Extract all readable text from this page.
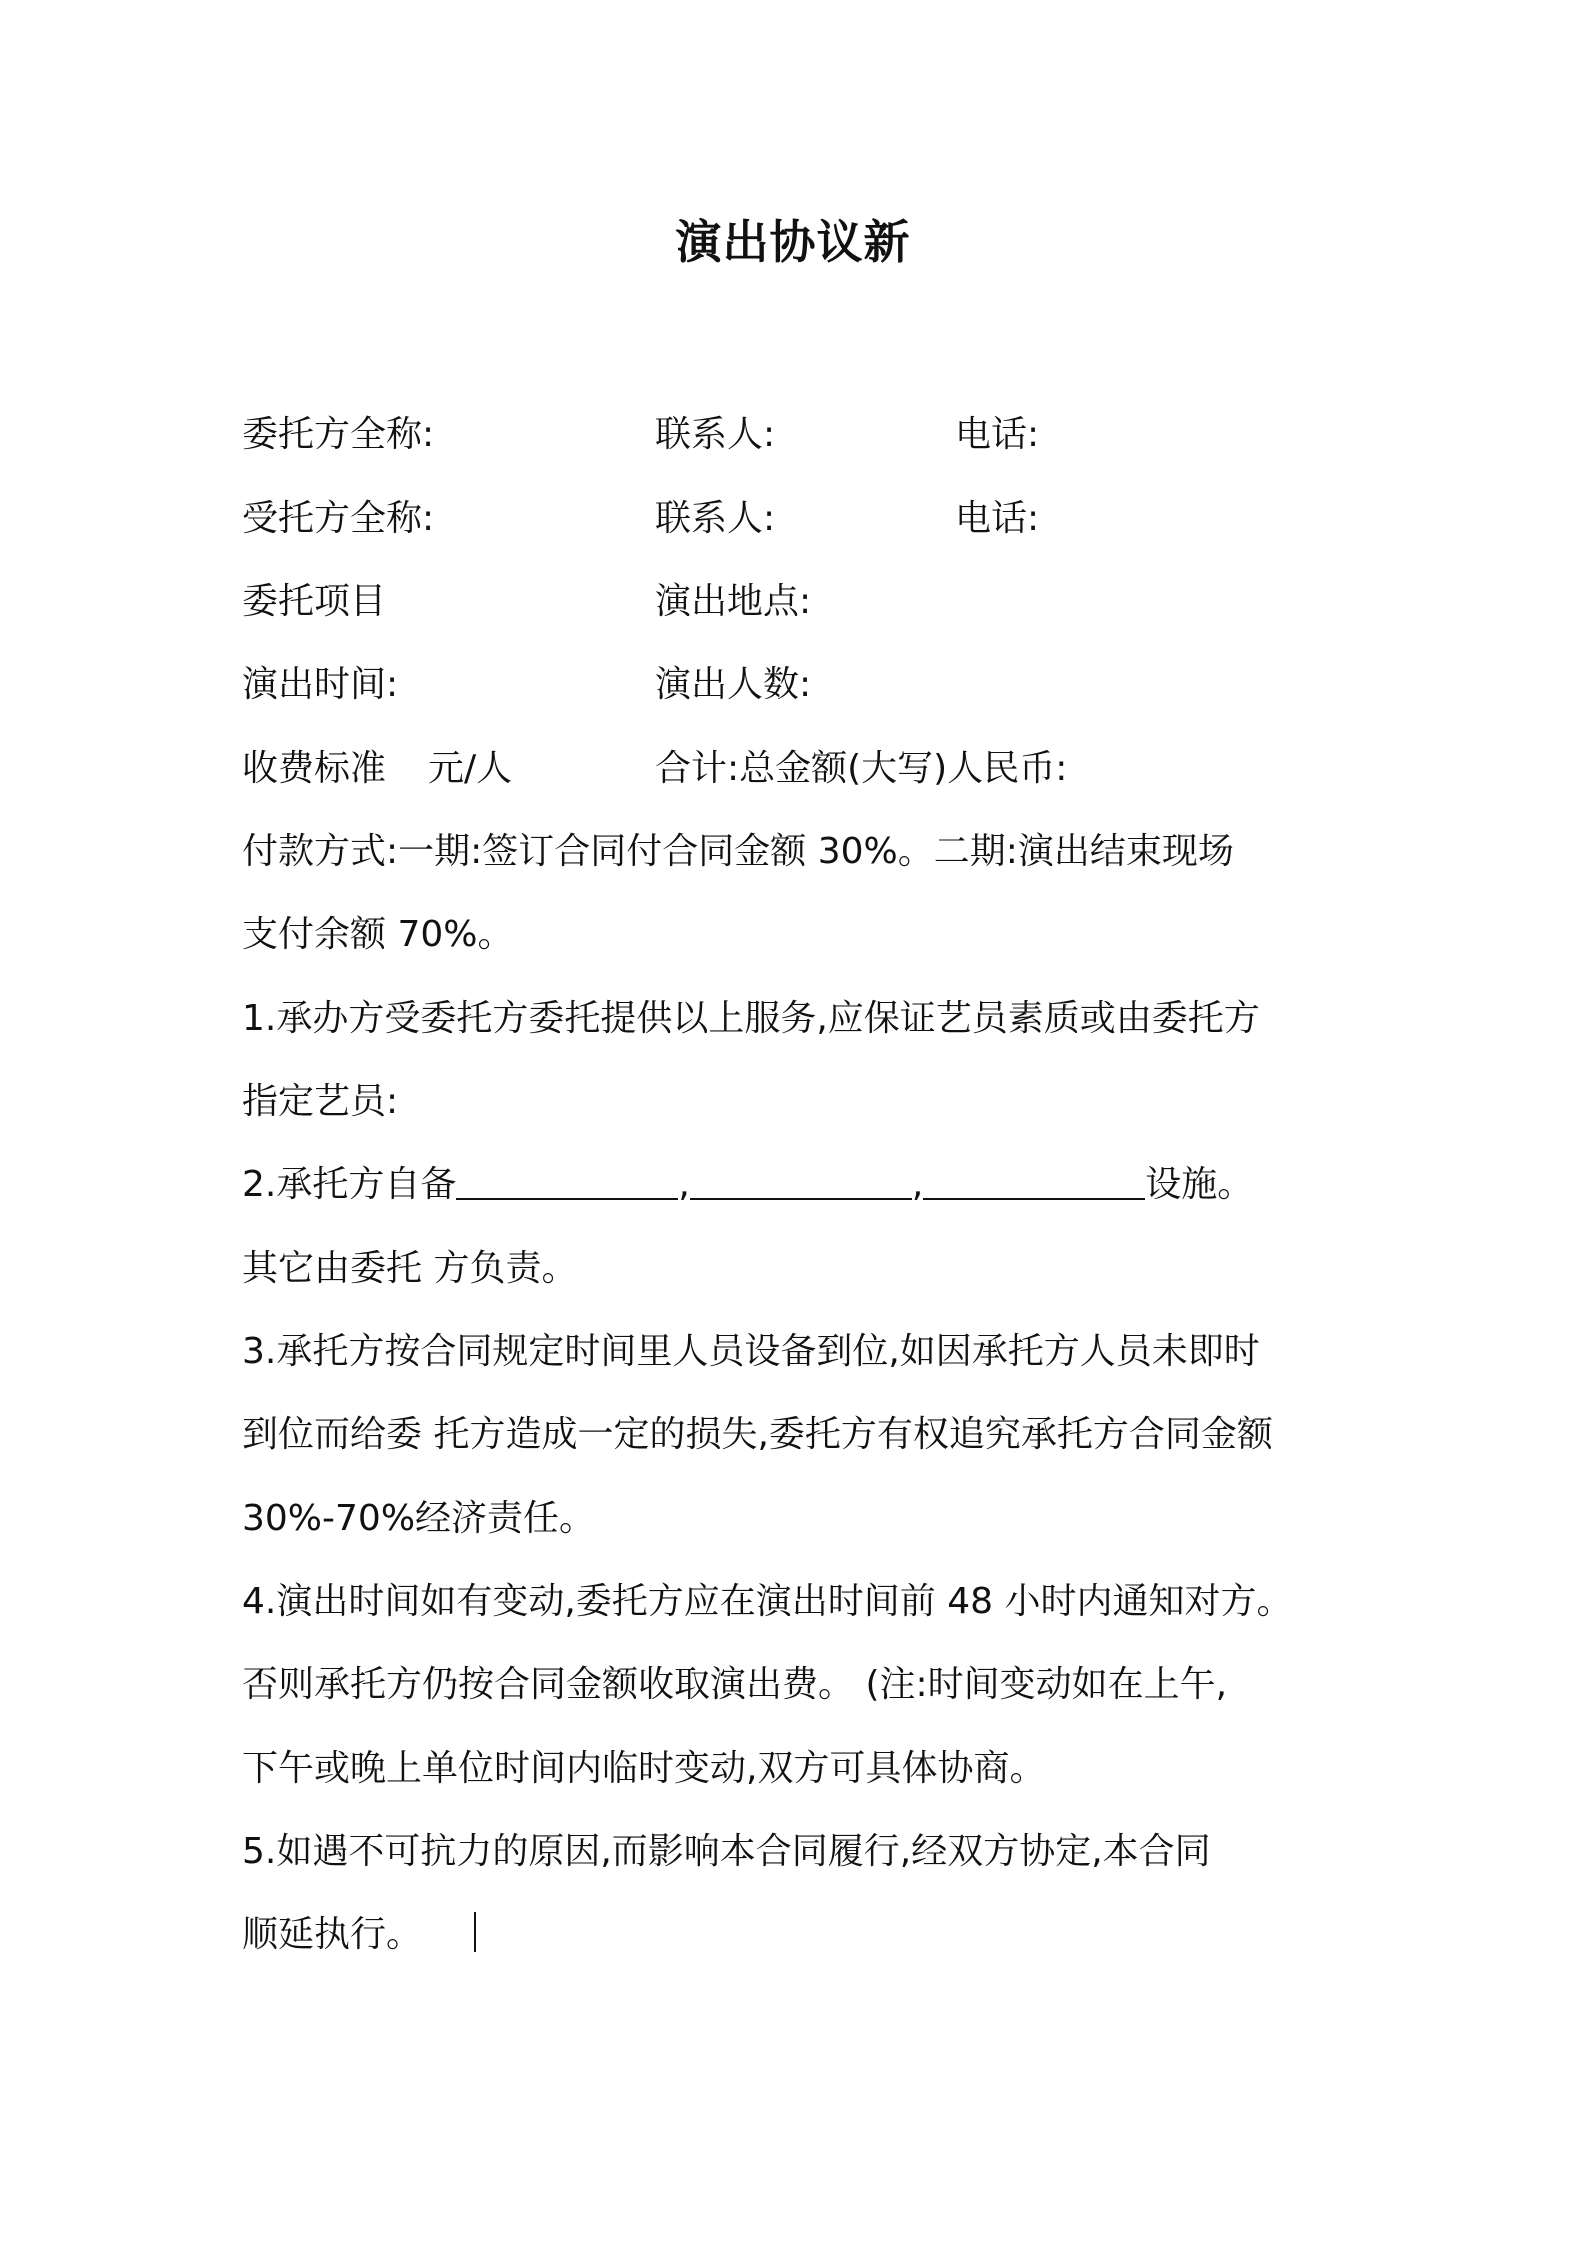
演出协议新
委托方全称:	联系人:	电话:
受托方全称:	联系人:	电话:
委托项目	演出地点:
演出时间:	演出人数:
收费标准 元/人	合计:总金额(大写)人民币:
付款方式:一期:签订合同付合同金额 30%。二期:演出结束现场
支付余额 70%。
1.承办方受委托方委托提供以上服务,应保证艺员素质或由委托方
指定艺员:
2.承托方自备	,	,	设施。
其它由委托 方负责。
3.承托方按合同规定时间里人员设备到位,如因承托方人员未即时
到位而给委 托方造成一定的损失,委托方有权追究承托方合同金额
30%-70%经济责任。
4.演出时间如有变动,委托方应在演出时间前 48 小时内通知对方。
否则承托方仍按合同金额收取演出费。 (注:时间变动如在上午,
下午或晚上单位时间内临时变动,双方可具体协商。
5.如遇不可抗力的原因,而影响本合同履行,经双方协定,本合同
顺延执行。
